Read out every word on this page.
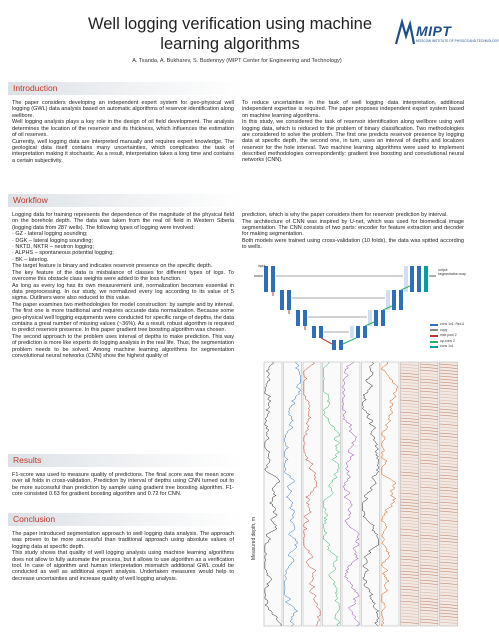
Well logging verification using machine learning algorithms
A. Tsanda, A. Bukharev, S. Budennyy (MIPT Center for Engineering and Technology)
MIPT
MOSCOW INSTITUTE OF PHYSICS AND TECHNOLOGY
Introduction

The paper considers developing an independent expert system for geo-physical well logging (GWL) data analysis based on automatic algorithms of reservoir identification along wellbore.

Well logging analysis plays a key role in the design of oil field development. The analysis determines the location of the reservoir and its thickness, which influences the estimation of oil reserves.

Currently, well logging data are interpreted manually and requires expert knowledge. The geological data itself contains many uncertainties, which complicates the task of interpretation making it stochastic. As a result, interpretation takes a long time and contains a certain subjectivity.

To reduce uncertainties in the task of well logging data interpretation, additional independent expertise is required. The paper proposes independent expert system based on machine learning algorithms.

In this study, we considered the task of reservoir identification along wellbore using well logging data, which is reduced to the problem of binary classification. Two methodologies are considered to solve the problem. The first one predicts reservoir presence by logging data at specific depth, the second one, in turn, uses an interval of depths and localizes reservoir for the hole interval. Two machine learning algorithms were used to implement described methodologies correspondently: gradient tree boosting and convolutional neural networks (CNN).

Workflow

Logging data for training represents the dependence of the magnitude of the physical field on the borehole depth. The data was taken from the real oil field in Western Siberia (logging data from 287 wells). The following types of logging were involved:

· GZ - lateral logging sounding;

· DGK – lateral logging sounding;

· NKTD, NKTR – neutron logging;

· ALPHS – spontaneous potential logging;

· BK – laterlog.

The target feature is binary and indicates reservoir presence on the specific depth.

The key feature of the data is misbalance of classes for different types of logs. To overcome this obstacle class weights were added to the loss function.

As long as every log has its own measurement unit, normalization becomes essential in data preprocessing. In our study, we normalized every log according to its value of 5 sigma. Outliners were also reduced to this value.

The paper examines two methodologies for model construction: by sample and by interval. The first one is more traditional and requires accurate data normalization. Because some geo-physical well logging equipments were conducted for specific range of depths, the data contains a great number of missing values (~36%). As a result, robust algorithm is required to predict reservoir presence. In this paper gradient tree boosting algorithm was chosen.

The second approach to the problem uses interval of depths to make prediction. This way of prediction is more like experts do logging analysis in the real life. Thus, the segmentation problem needs to be solved. Among machine learning algorithms for segmentation convolutional neural networks (CNN) show the highest quality of

prediction, which is why the paper considers them for reservoir prediction by interval.

The architecture of CNN was inspired by U-net, which was used for biomedical image segmentation. The CNN consists of two parts: encoder for feature extraction and decoder for making segmentation.

Both models were trained using cross-validation (10 folds), the data was spitted according to wells.

input
output segmentation map
conv 1x1, ReLU
copy
max pool 2
up-conv 2
conv 1x1
Measured depth, m
Results
F1-score was used to measure quality of predictions. The final score was the mean score over all folds in cross-validation. Prediction by interval of depths using CNN turned out to be more successful than prediction by sample using gradient tree boosting algorithm. F1-core consisted 0.63 for gradient boosting algorithm and 0.72 for CNN.
Conclusion

The paper introduced segmentation approach to well logging data analysis. The approach was proven to be more successful than traditional approach using absolute values of logging data at specific depth.

This study shows that quality of well logging analysis using machine learning algorithms does not allow to fully automate the process, but it allows to use algorithm as a verification tool. In case of algorithm and human interpretation mismatch additional GWL could be conducted as well as additional expert analysis. Undertaken measures would help to decrease uncertainties and increase quality of well logging analysis.
